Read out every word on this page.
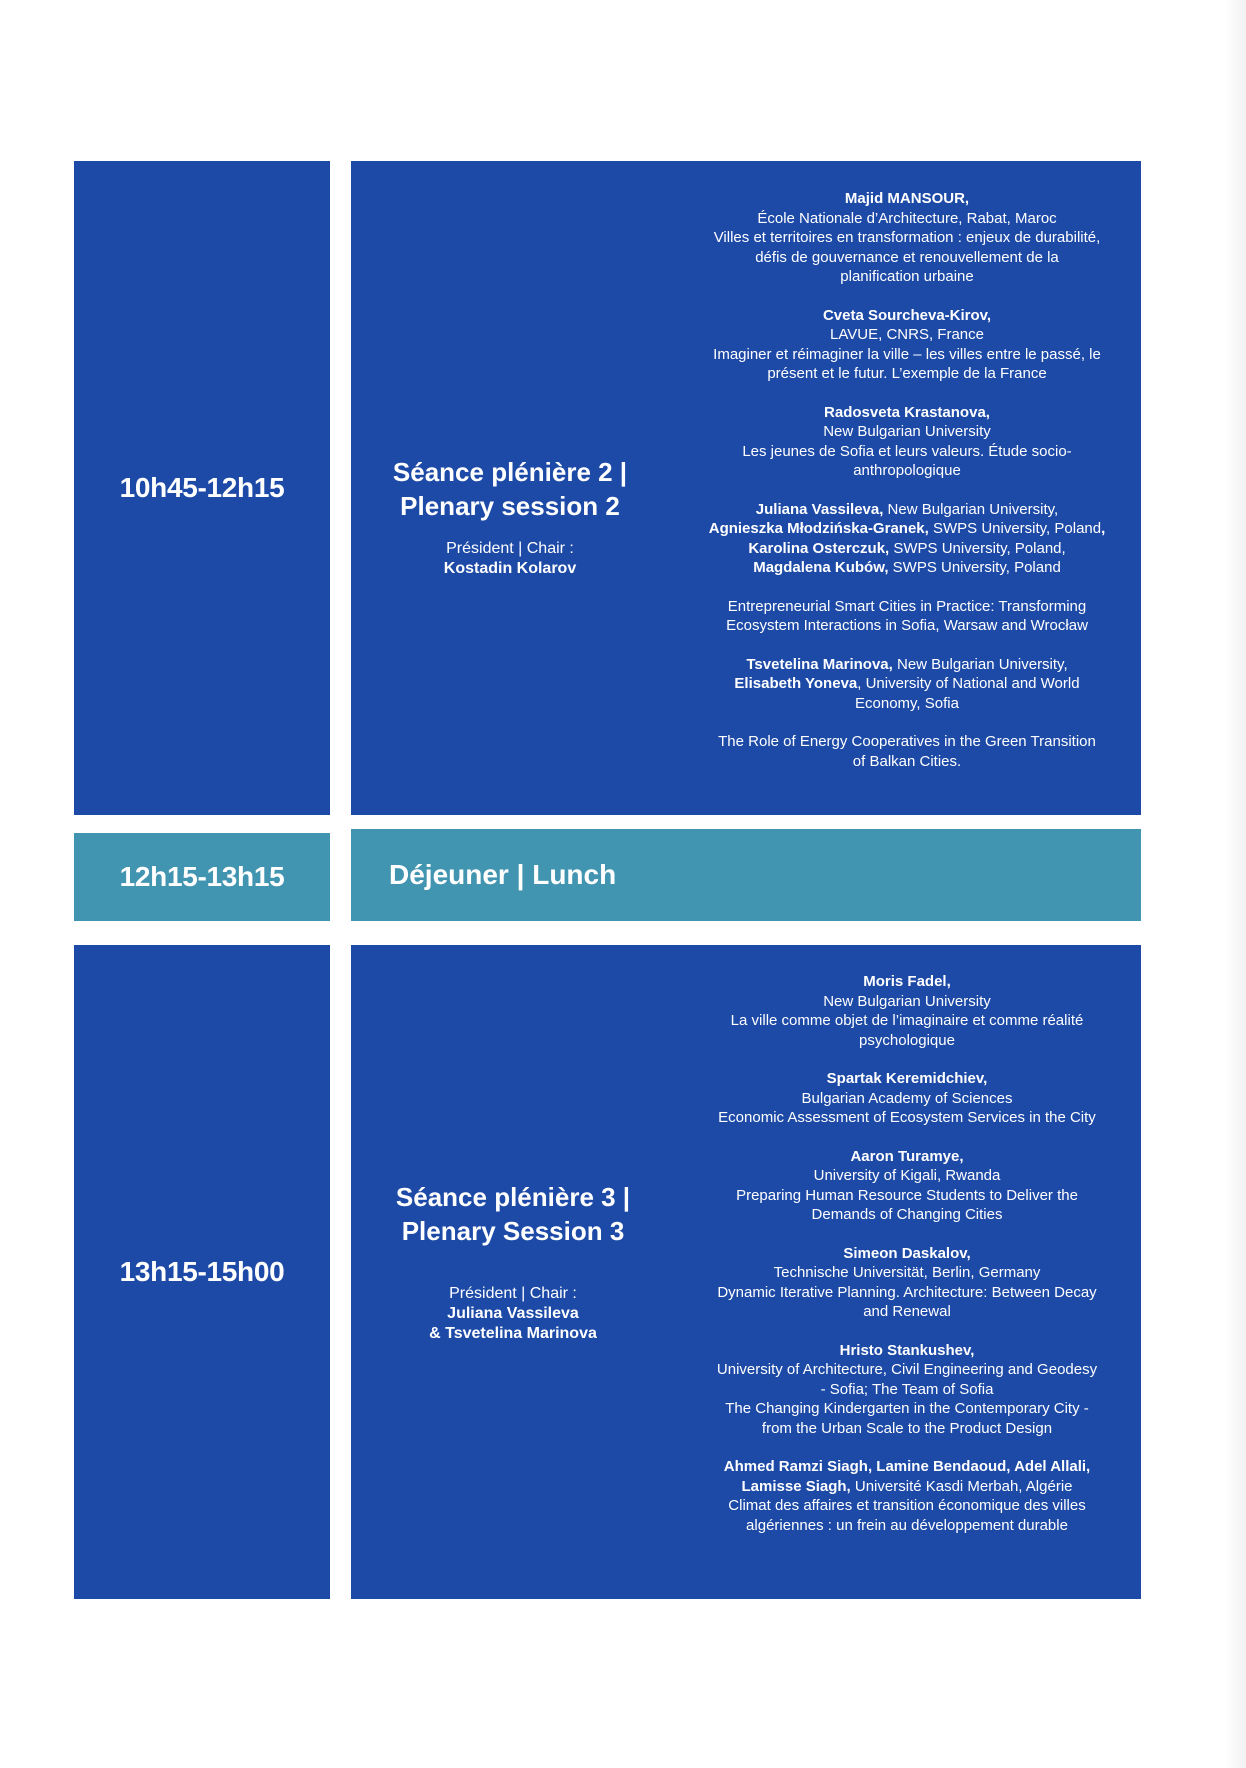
10h45-12h15	Séance plénière 2 |
Plenary session 2
Président | Chair :
Kostadin Kolarov
Majid MANSOUR,
École Nationale d’Architecture, Rabat, Maroc
Villes et territoires en transformation : enjeux de durabilité,
défis de gouvernance et renouvellement de la
planification urbaine
Cveta Sourcheva-Kirov,
LAVUE, CNRS, France
Imaginer et réimaginer la ville – les villes entre le passé, le
présent et le futur. L’exemple de la France
Radosveta Krastanova,
New Bulgarian University
Les jeunes de Sofia et leurs valeurs. Étude socio-
anthropologique
Juliana Vassileva, New Bulgarian University,
Agnieszka Młodzińska-Granek, SWPS University, Poland,
Karolina Osterczuk, SWPS University, Poland,
Magdalena Kubów, SWPS University, Poland
Entrepreneurial Smart Cities in Practice: Transforming
Ecosystem Interactions in Sofia, Warsaw and Wrocław
Tsvetelina Marinova, New Bulgarian University,
Elisabeth Yoneva, University of National and World
Economy, Sofia
The Role of Energy Cooperatives in the Green Transition
of Balkan Cities.
12h15-13h15	Déjeuner | Lunch
13h15-15h00
Séance plénière 3 |
Plenary Session 3
Président | Chair :
Juliana Vassileva
& Tsvetelina Marinova
Moris Fadel,
New Bulgarian University
La ville comme objet de l’imaginaire et comme réalité
psychologique
Spartak Keremidchiev,
Bulgarian Academy of Sciences
Economic Assessment of Ecosystem Services in the City
Aaron Turamye,
University of Kigali, Rwanda
Preparing Human Resource Students to Deliver the
Demands of Changing Cities
Simeon Daskalov,
Technische Universität, Berlin, Germany
Dynamic Iterative Planning. Architecture: Between Decay
and Renewal
Hristo Stankushev,
University of Architecture, Civil Engineering and Geodesy
- Sofia; The Team of Sofia
The Changing Kindergarten in the Contemporary City -
from the Urban Scale to the Product Design
Ahmed Ramzi Siagh, Lamine Bendaoud, Adel Allali,
Lamisse Siagh, Université Kasdi Merbah, Algérie
Climat des affaires et transition économique des villes
algériennes : un frein au développement durable
